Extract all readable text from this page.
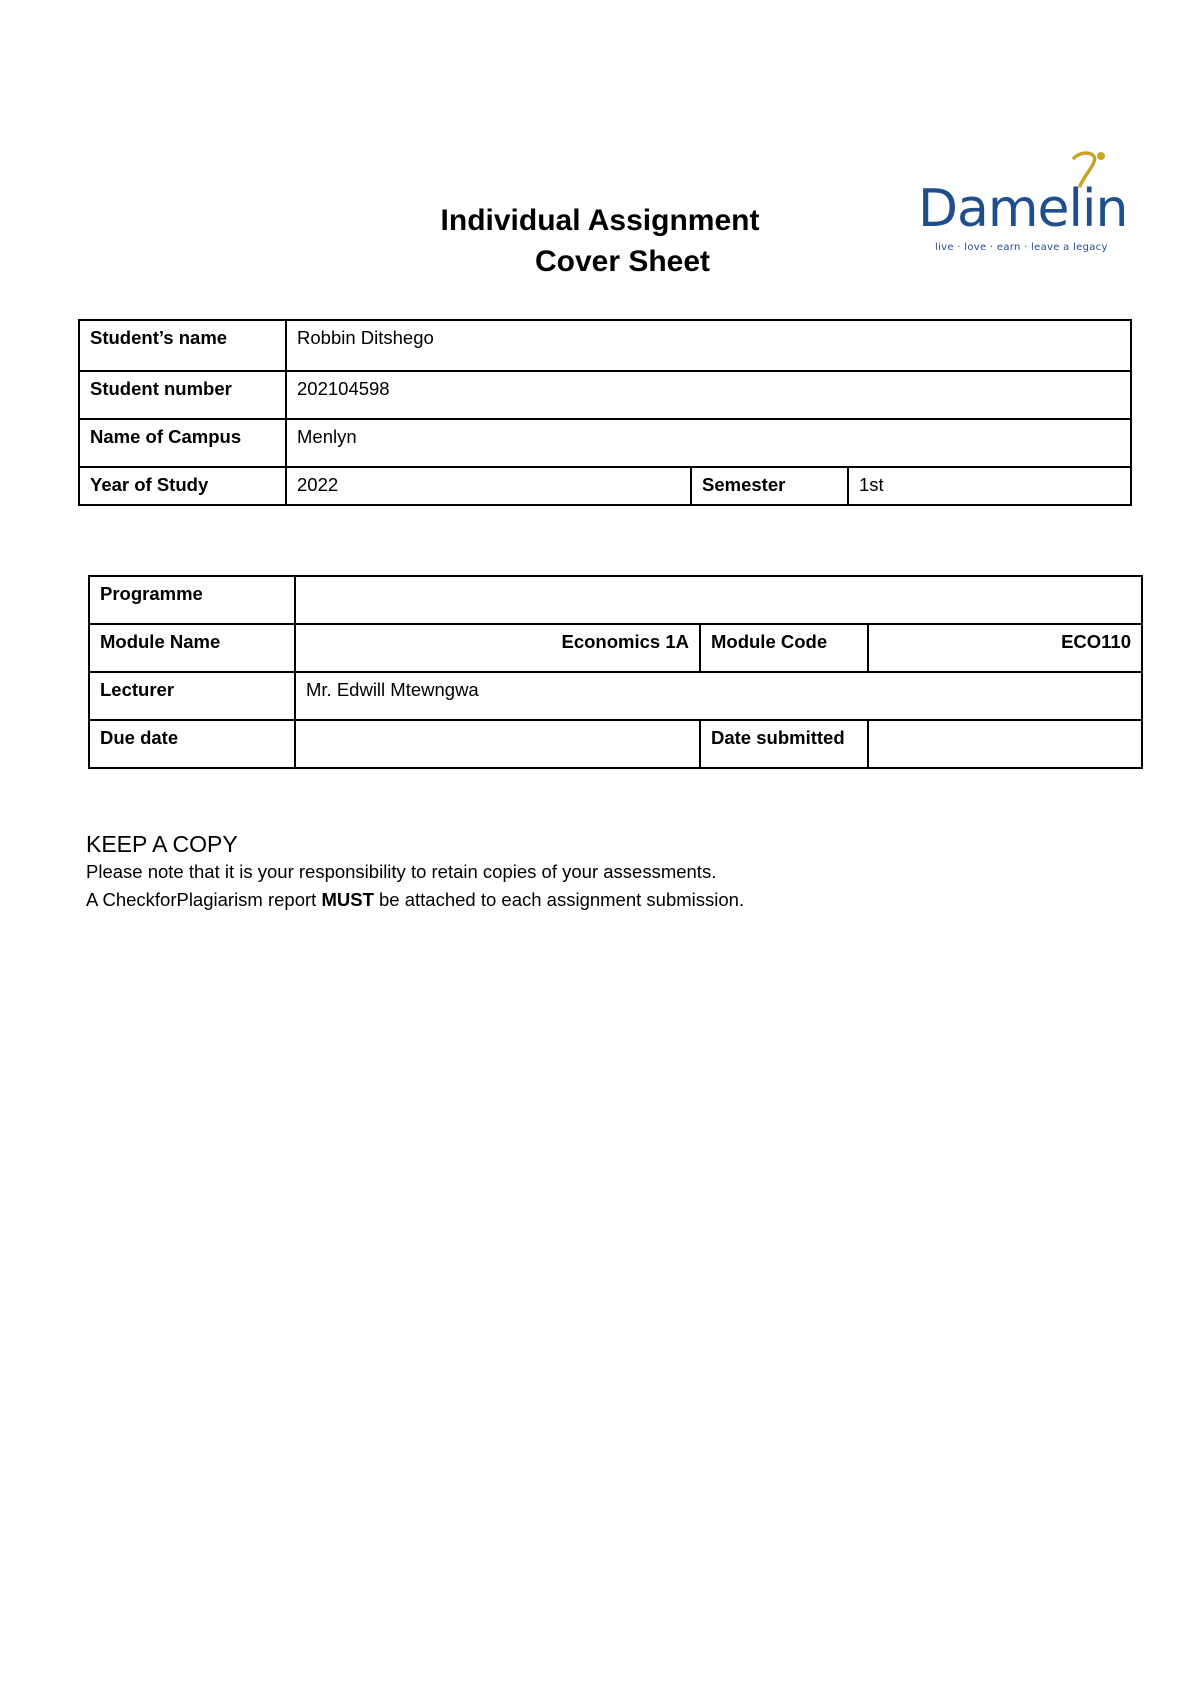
Individual Assignment
Cover Sheet
Damelin
live · love · earn · leave a legacy
Student’s name	Robbin Ditshego		
Student number	202104598		
Name of Campus	Menlyn		
Year of Study	2022	Semester	1st
Programme			
Module Name	Economics 1A	Module Code	ECO110
Lecturer	Mr. Edwill Mtewngwa		
Due date		Date submitted	
KEEP A COPY
Please note that it is your responsibility to retain copies of your assessments.
A CheckforPlagiarism report MUST be attached to each assignment submission.
